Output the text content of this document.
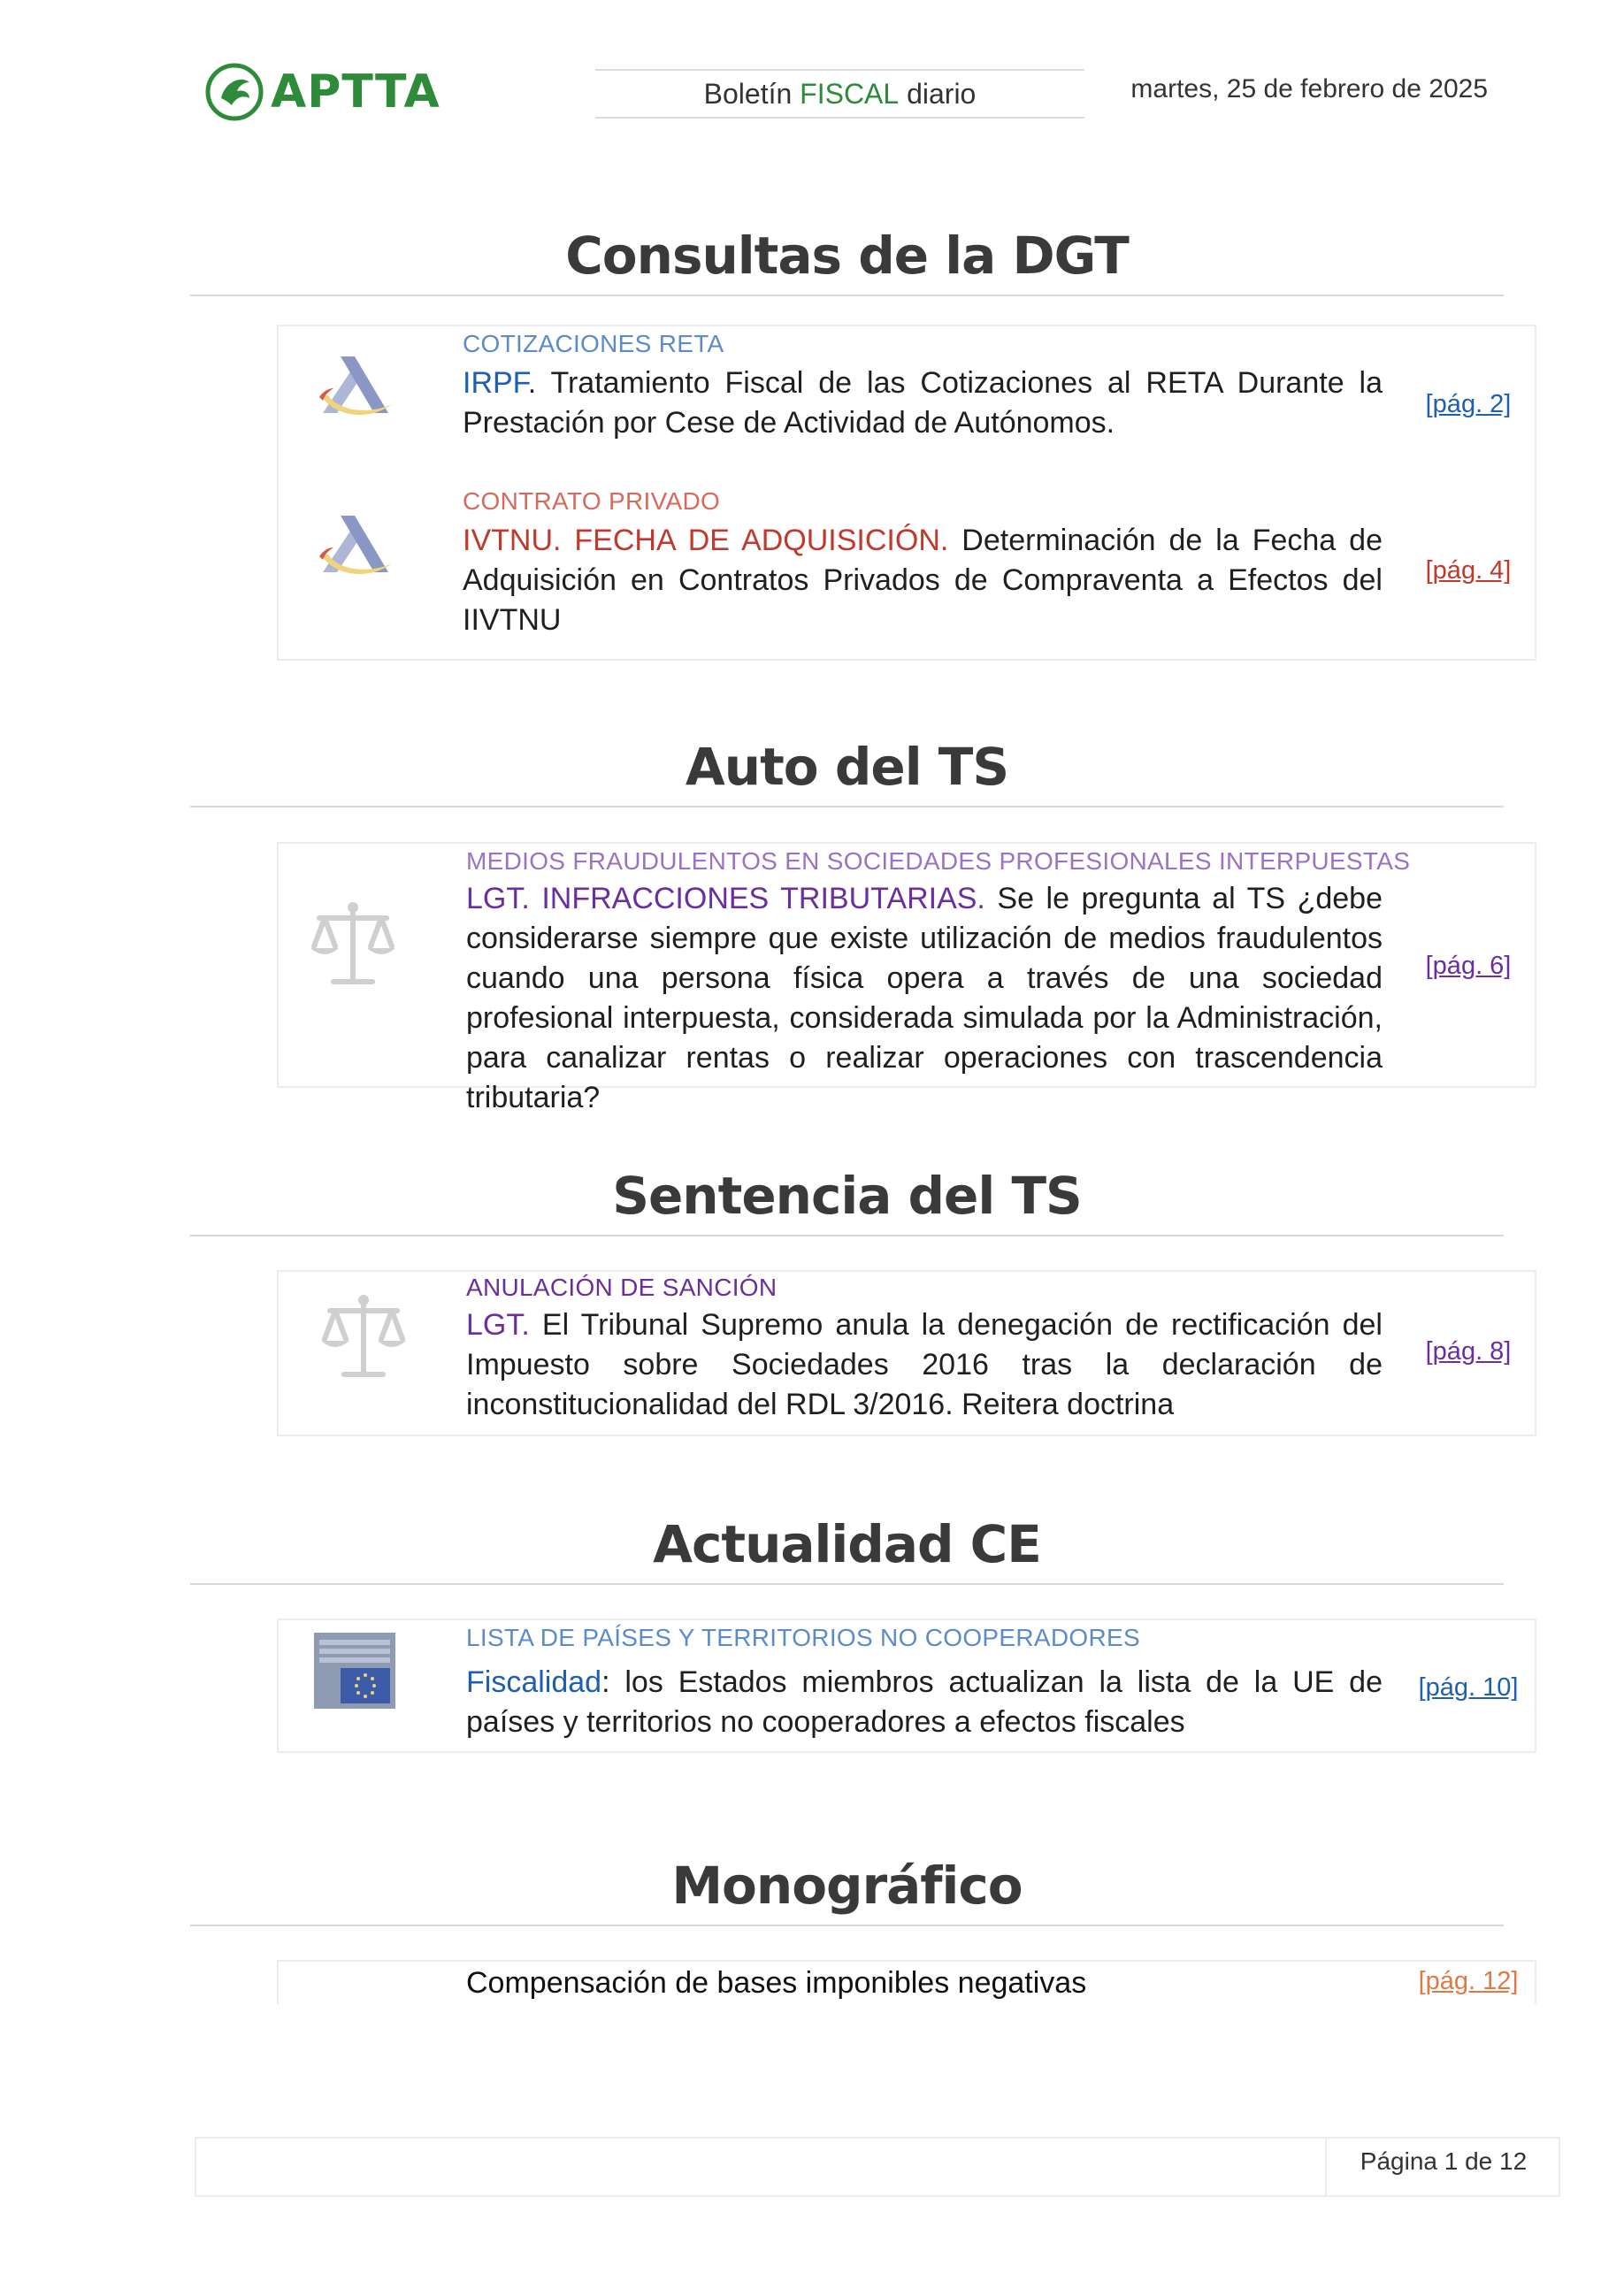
APTTA	Boletín FISCAL diario	martes, 25 de febrero de 2025
Consultas de la DGT
COTIZACIONES RETA
IRPF. Tratamiento Fiscal de las Cotizaciones al RETA Durante la Prestación por Cese de Actividad de Autónomos.
[pág. 2]
CONTRATO PRIVADO
IVTNU. FECHA DE ADQUISICIÓN. Determinación de la Fecha de Adquisición en Contratos Privados de Compraventa a Efectos del IIVTNU
[pág. 4]
Auto del TS
MEDIOS FRAUDULENTOS EN SOCIEDADES PROFESIONALES INTERPUESTAS
LGT. INFRACCIONES TRIBUTARIAS. Se le pregunta al TS ¿debe considerarse siempre que existe utilización de medios fraudulentos cuando una persona física opera a través de una sociedad profesional interpuesta, considerada simulada por la Administración, para canalizar rentas o realizar operaciones con trascendencia tributaria?
[pág. 6]
Sentencia del TS
ANULACIÓN DE SANCIÓN
LGT. El Tribunal Supremo anula la denegación de rectificación del Impuesto sobre Sociedades 2016 tras la declaración de inconstitucionalidad del RDL 3/2016. Reitera doctrina
[pág. 8]
Actualidad CE
LISTA DE PAÍSES Y TERRITORIOS NO COOPERADORES
Fiscalidad: los Estados miembros actualizan la lista de la UE de países y territorios no cooperadores a efectos fiscales
[pág. 10]
Monográfico
Compensación de bases imponibles negativas	[pág. 12]
Página 1 de 12
